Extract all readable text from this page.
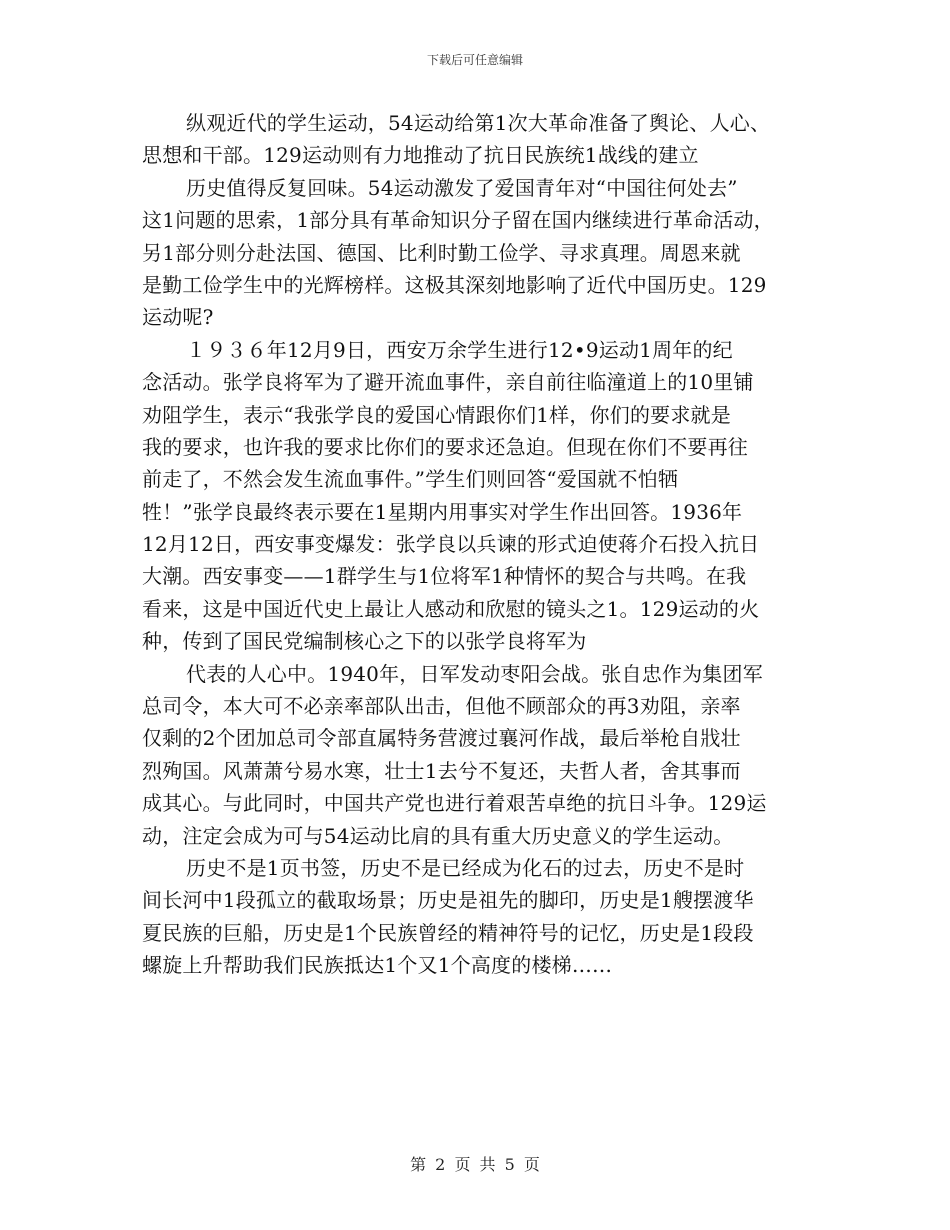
下载后可任意编辑
纵观近代的学生运动，54运动给第1次大革命准备了舆论、人心、
思想和干部。129运动则有力地推动了抗日民族统1战线的建立
历史值得反复回味。54运动激发了爱国青年对“中国往何处去”
这1问题的思索，1部分具有革命知识分子留在国内继续进行革命活动，
另1部分则分赴法国、德国、比利时勤工俭学、寻求真理。周恩来就
是勤工俭学生中的光辉榜样。这极其深刻地影响了近代中国历史。129
运动呢?
１９３６年12月9日，西安万余学生进行12•9运动1周年的纪
念活动。张学良将军为了避开流血事件，亲自前往临潼道上的10里铺
劝阻学生，表示“我张学良的爱国心情跟你们1样，你们的要求就是
我的要求，也许我的要求比你们的要求还急迫。但现在你们不要再往
前走了，不然会发生流血事件。”学生们则回答“爱国就不怕牺
牲！”张学良最终表示要在1星期内用事实对学生作出回答。1936年
12月12日，西安事变爆发：张学良以兵谏的形式迫使蒋介石投入抗日
大潮。西安事变——1群学生与1位将军1种情怀的契合与共鸣。在我
看来，这是中国近代史上最让人感动和欣慰的镜头之1。129运动的火
种，传到了国民党编制核心之下的以张学良将军为
代表的人心中。1940年，日军发动枣阳会战。张自忠作为集团军
总司令，本大可不必亲率部队出击，但他不顾部众的再3劝阻，亲率
仅剩的2个团加总司令部直属特务营渡过襄河作战，最后举枪自戕壮
烈殉国。风萧萧兮易水寒，壮士1去兮不复还，夫哲人者，舍其事而
成其心。与此同时，中国共产党也进行着艰苦卓绝的抗日斗争。129运
动，注定会成为可与54运动比肩的具有重大历史意义的学生运动。
历史不是1页书签，历史不是已经成为化石的过去，历史不是时
间长河中1段孤立的截取场景；历史是祖先的脚印，历史是1艘摆渡华
夏民族的巨船，历史是1个民族曾经的精神符号的记忆，历史是1段段
螺旋上升帮助我们民族抵达1个又1个高度的楼梯……
第 2 页 共 5 页
